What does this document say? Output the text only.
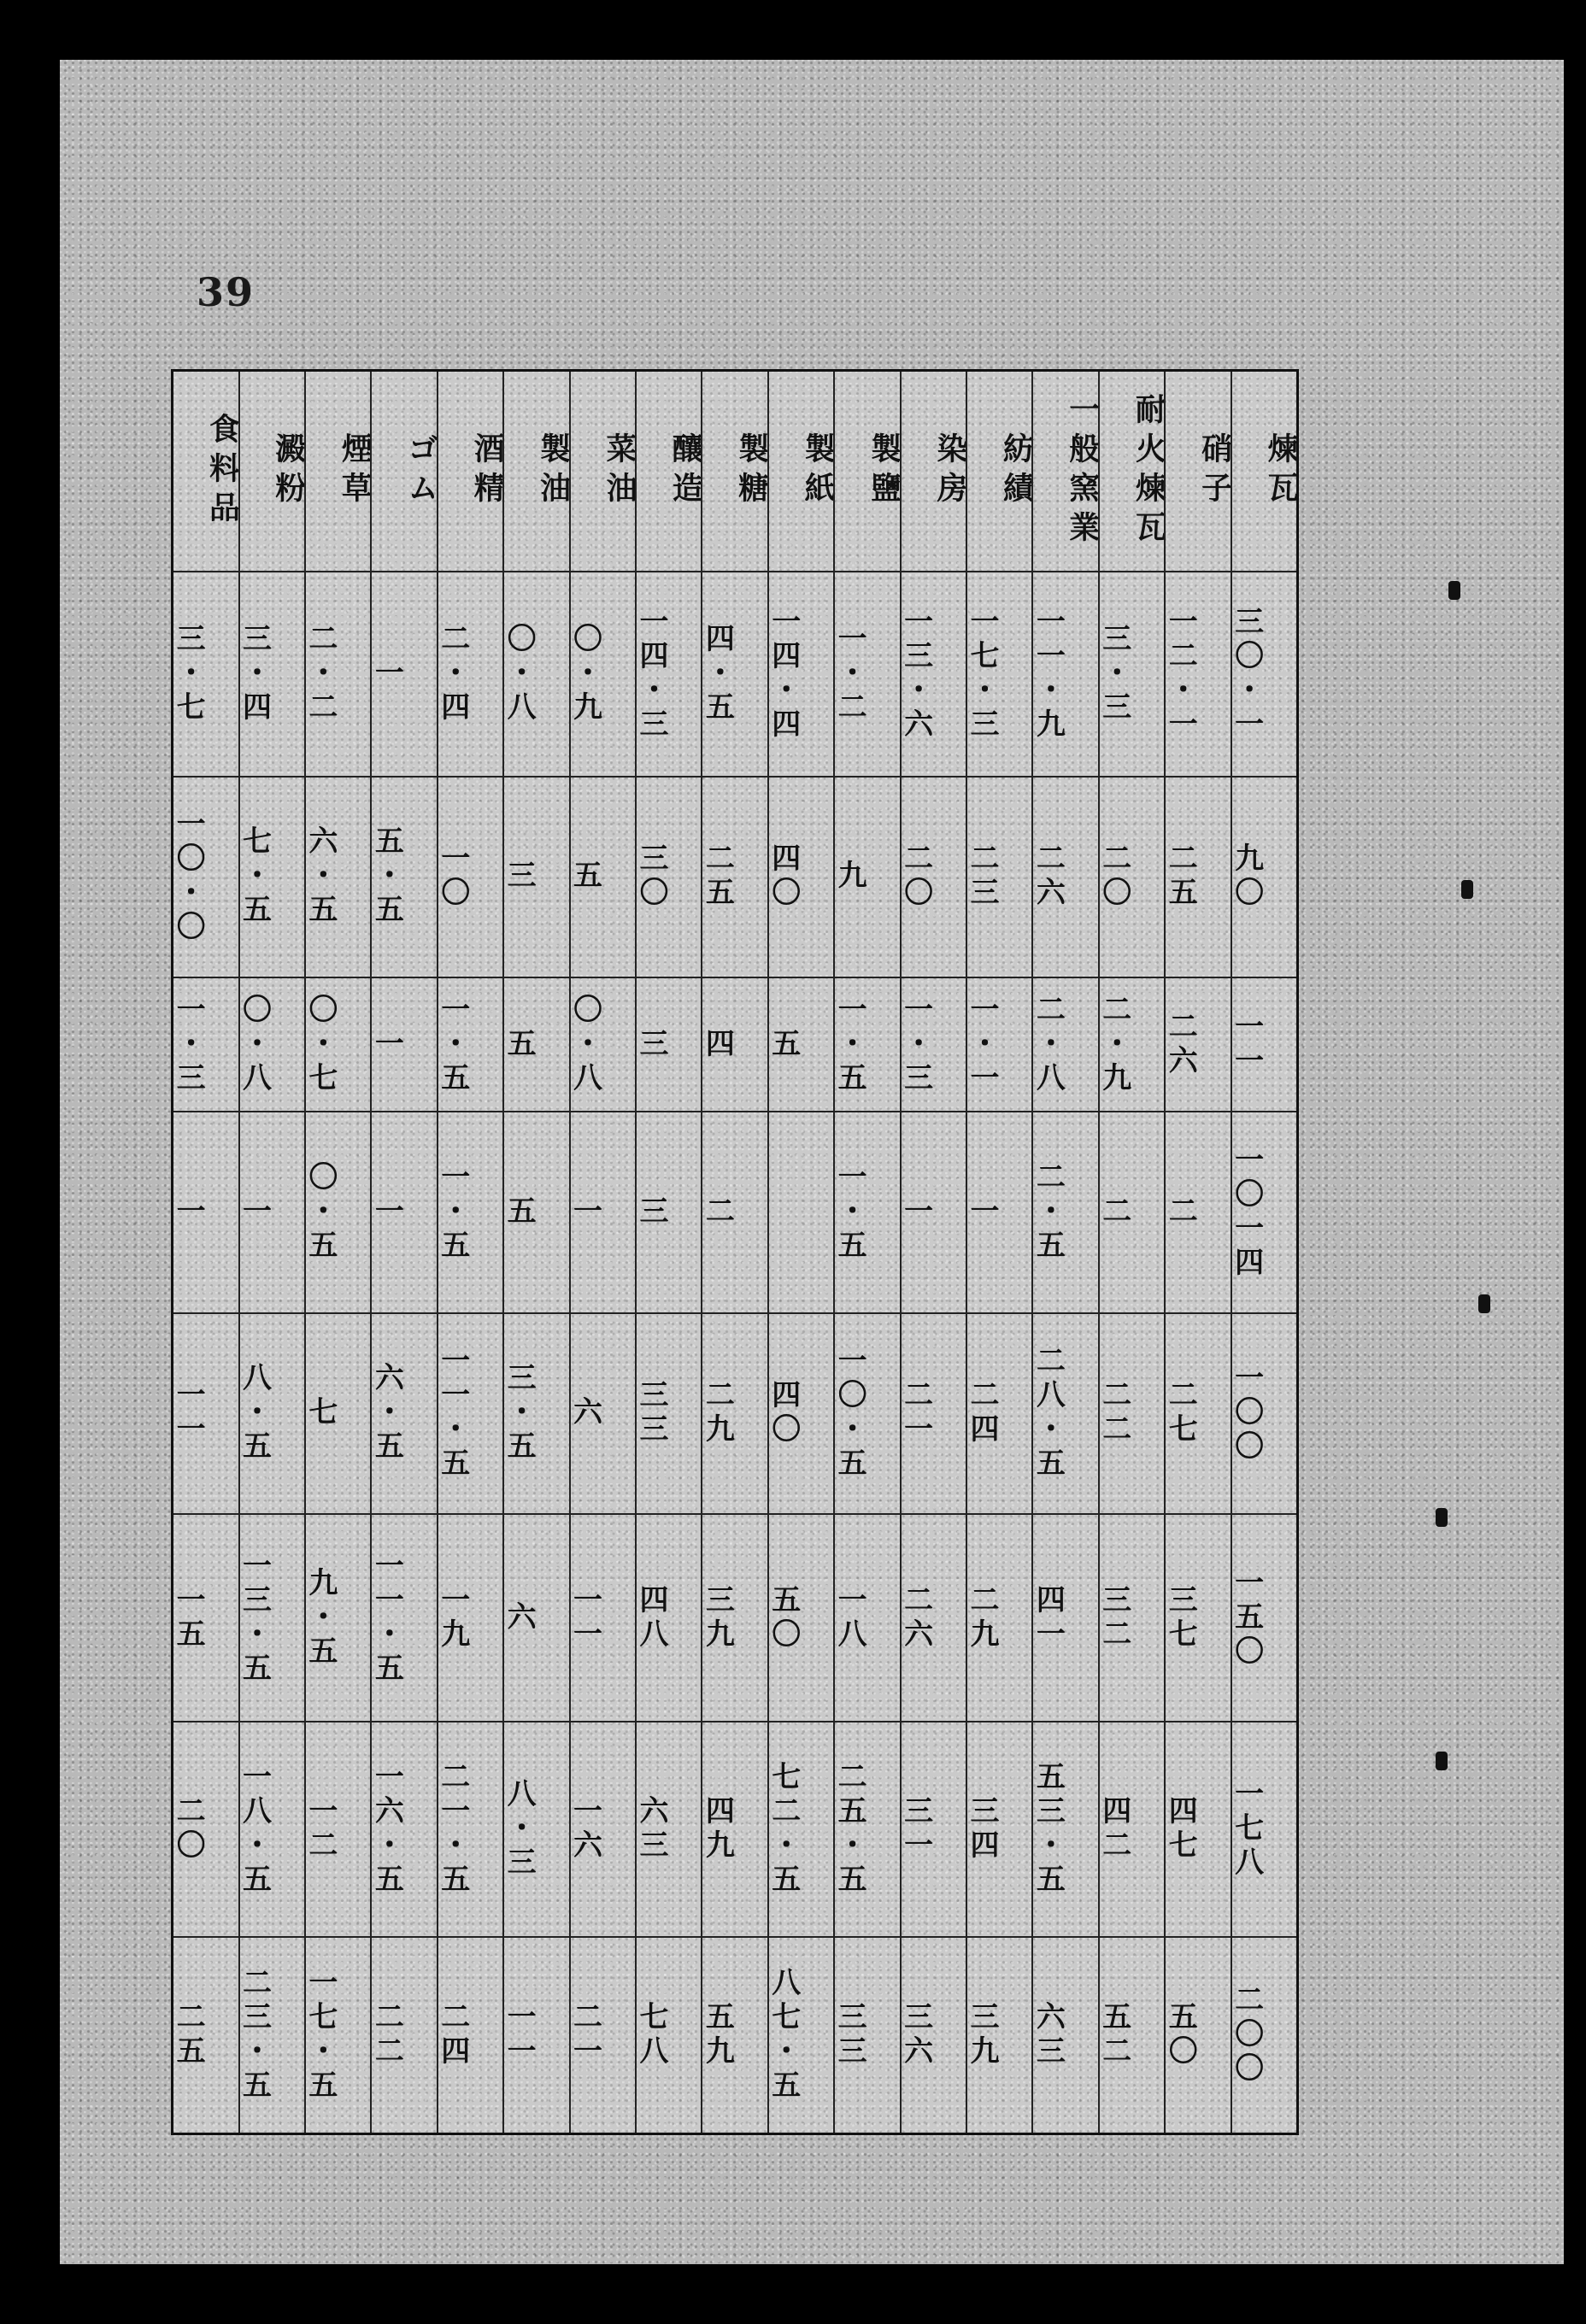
39
煉瓦
三〇・一
九〇
一一
一〇一四
一〇〇
一五〇
一七八
二〇〇
硝子
一二・一
二五
二六
二
二七
三七
四七
五〇
耐火煉瓦
三・三
二〇
二・九
二
二二
三二
四二
五二
一般窯業
一一・九
二六
二・八
二・五
二八・五
四一
五三・五
六三
紡績
一七・三
二三
一・一
一
二四
二九
三四
三九
染房
一三・六
二〇
一・三
一
二一
二六
三一
三六
製鹽
一・二
九
一・五
一・五
一〇・五
一八
二五・五
三三
製紙
一四・四
四〇
五
四〇
五〇
七二・五
八七・五
製糖
四・五
二五
四
二
二九
三九
四九
五九
釀造
一四・三
三〇
三
三
三三
四八
六三
七八
菜油
〇・九
五
〇・八
一
六
一一
一六
二一
製油
〇・八
三
五
五
三・五
六
八・三
一一
酒精
二・四
一〇
一・五
一・五
一一・五
一九
二一・五
二四
ゴム
一
五・五
一
一
六・五
一一・五
一六・五
二二
煙草
二・二
六・五
〇・七
〇・五
七
九・五
一二
一七・五
澱粉
三・四
七・五
〇・八
一
八・五
一三・五
一八・五
二三・五
食料品
三・七
一〇・〇
一・三
一
一一
一五
二〇
二五
